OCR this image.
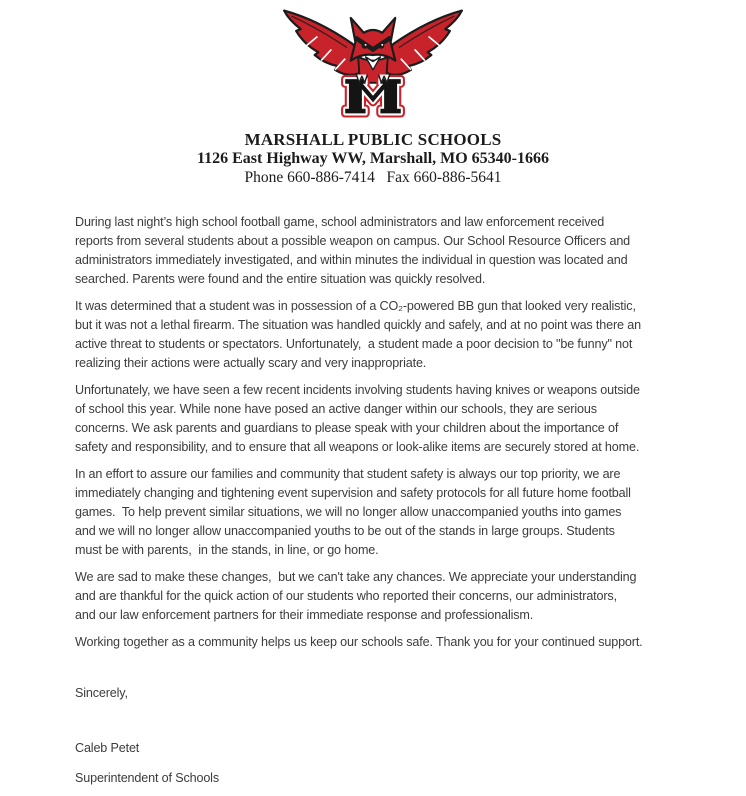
MARSHALL PUBLIC SCHOOLS
1126 East Highway WW, Marshall, MO 65340-1666
Phone 660-886-7414   Fax 660-886-5641

During last night’s high school football game, school administrators and law enforcement received
reports from several students about a possible weapon on campus. Our School Resource Officers and
administrators immediately investigated, and within minutes the individual in question was located and
searched. Parents were found and the entire situation was quickly resolved.

It was determined that a student was in possession of a CO₂-powered BB gun that looked very realistic,
but it was not a lethal firearm. The situation was handled quickly and safely, and at no point was there an
active threat to students or spectators. Unfortunately,  a student made a poor decision to "be funny" not
realizing their actions were actually scary and very inappropriate.

Unfortunately, we have seen a few recent incidents involving students having knives or weapons outside
of school this year. While none have posed an active danger within our schools, they are serious
concerns. We ask parents and guardians to please speak with your children about the importance of
safety and responsibility, and to ensure that all weapons or look-alike items are securely stored at home.

In an effort to assure our families and community that student safety is always our top priority, we are
immediately changing and tightening event supervision and safety protocols for all future home football
games.  To help prevent similar situations, we will no longer allow unaccompanied youths into games
and we will no longer allow unaccompanied youths to be out of the stands in large groups. Students
must be with parents,  in the stands, in line, or go home.

We are sad to make these changes,  but we can't take any chances. We appreciate your understanding
and are thankful for the quick action of our students who reported their concerns, our administrators,
and our law enforcement partners for their immediate response and professionalism.

Working together as a community helps us keep our schools safe. Thank you for your continued support.

Sincerely,
Caleb Petet
Superintendent of Schools
